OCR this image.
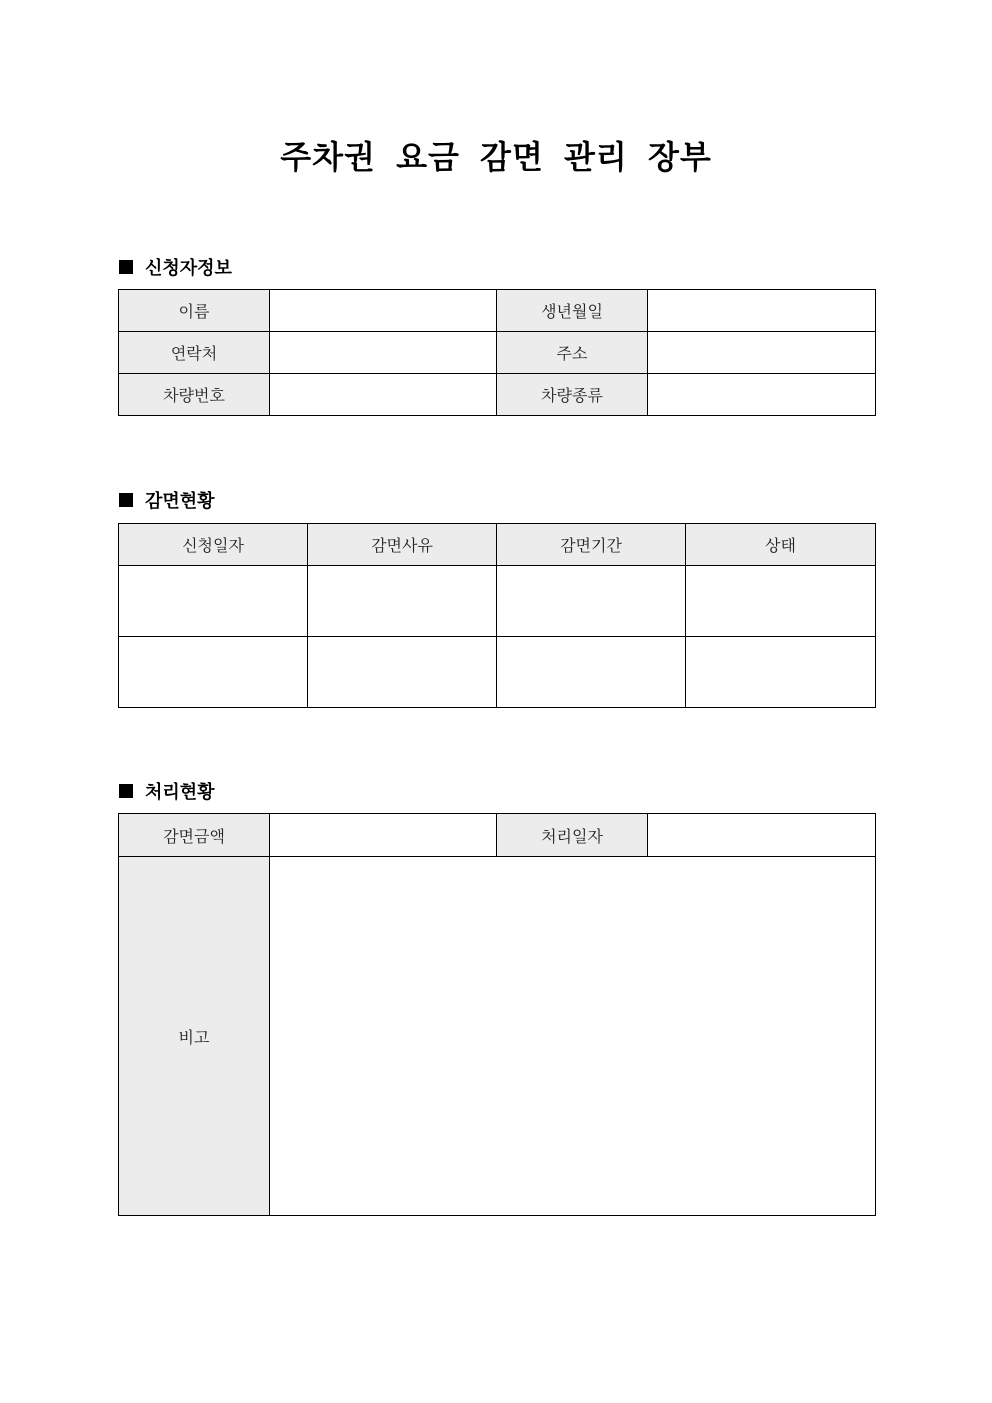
주차권 요금 감면 관리 장부
신청자정보
이름		생년월일	
연락처		주소	
차량번호		차량종류	
감면현황
신청일자	감면사유	감면기간	상태

처리현황
감면금액		처리일자	
비고			
